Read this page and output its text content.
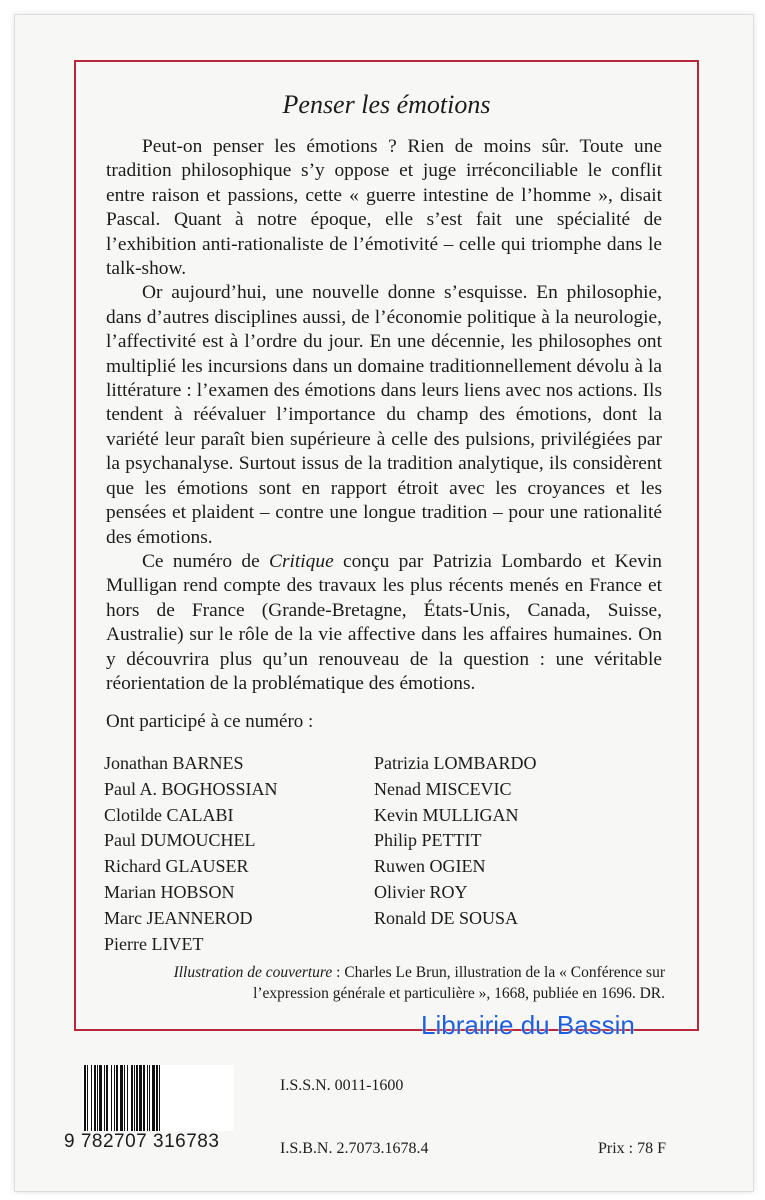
Penser les émotions

Peut-on penser les émotions ? Rien de moins sûr. Toute une tradition philosophique s’y oppose et juge irréconciliable le conflit entre raison et passions, cette « guerre intestine de l’homme », disait Pascal. Quant à notre époque, elle s’est fait une spécialité de l’exhibition anti-rationaliste de l’émotivité – celle qui triomphe dans le talk-show.

Or aujourd’hui, une nouvelle donne s’esquisse. En philosophie, dans d’autres disciplines aussi, de l’économie politique à la neurologie, l’affectivité est à l’ordre du jour. En une décennie, les philosophes ont multiplié les incursions dans un domaine traditionnellement dévolu à la littérature : l’examen des émotions dans leurs liens avec nos actions. Ils tendent à réévaluer l’importance du champ des émotions, dont la variété leur paraît bien supérieure à celle des pulsions, privilégiées par la psychanalyse. Surtout issus de la tradition analytique, ils considèrent que les émotions sont en rapport étroit avec les croyances et les pensées et plaident – contre une longue tradition – pour une rationalité des émotions.

Ce numéro de Critique conçu par Patrizia Lombardo et Kevin Mulligan rend compte des travaux les plus récents menés en France et hors de France (Grande-Bretagne, États-Unis, Canada, Suisse, Australie) sur le rôle de la vie affective dans les affaires humaines. On y découvrira plus qu’un renouveau de la question : une véritable réorientation de la problématique des émotions.

Ont participé à ce numéro :
Jonathan BARNES
Paul A. BOGHOSSIAN
Clotilde CALABI
Paul DUMOUCHEL
Richard GLAUSER
Marian HOBSON
Marc JEANNEROD
Pierre LIVET
Patrizia LOMBARDO
Nenad MISCEVIC
Kevin MULLIGAN
Philip PETTIT
Ruwen OGIEN
Olivier ROY
Ronald DE SOUSA
Illustration de couverture : Charles Le Brun, illustration de la « Conférence sur l’expression générale et particulière », 1668, publiée en 1696. DR.
Librairie du Bassin
9 782707 316783
I.S.S.N. 0011-1600
I.S.B.N. 2.7073.1678.4	Prix : 78 F
